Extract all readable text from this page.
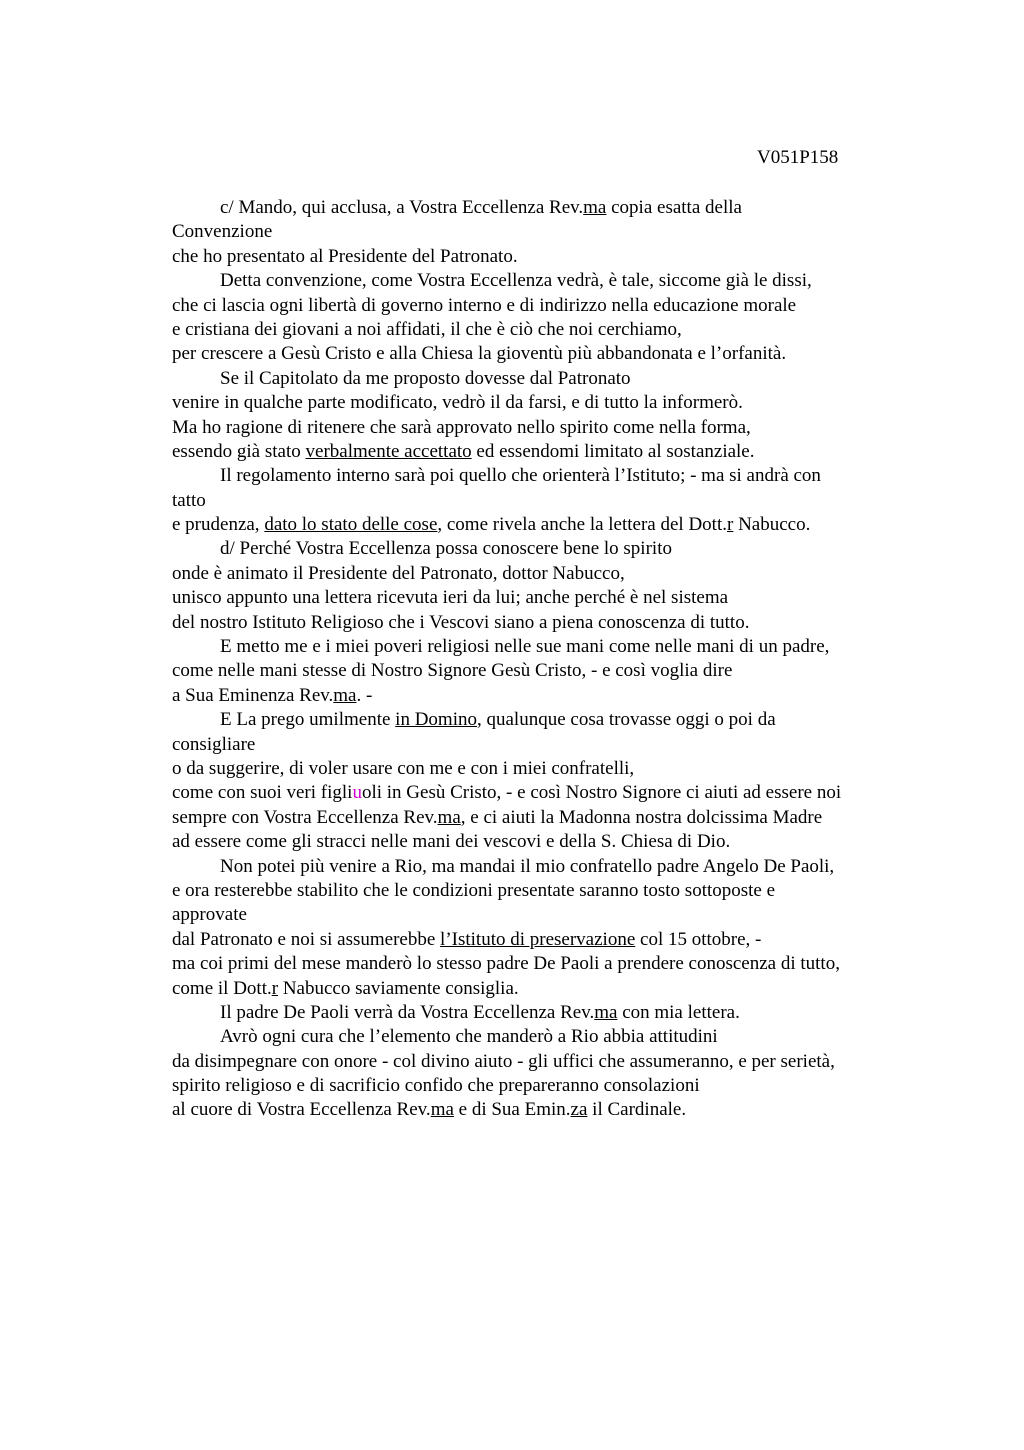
V051P158
c/ Mando, qui acclusa, a Vostra Eccellenza Rev.ma copia esatta della
Convenzione
che ho presentato al Presidente del Patronato.
Detta convenzione, come Vostra Eccellenza vedrà, è tale, siccome già le dissi,
che ci lascia ogni libertà di governo interno e di indirizzo nella educazione morale
e cristiana dei giovani a noi affidati, il che è ciò che noi cerchiamo,
per crescere a Gesù Cristo e alla Chiesa la gioventù più abbandonata e l’orfanità.
Se il Capitolato da me proposto dovesse dal Patronato
venire in qualche parte modificato, vedrò il da farsi, e di tutto la informerò.
Ma ho ragione di ritenere che sarà approvato nello spirito come nella forma,
essendo già stato verbalmente accettato ed essendomi limitato al sostanziale.
Il regolamento interno sarà poi quello che orienterà l’Istituto; - ma si andrà con
tatto
e prudenza, dato lo stato delle cose, come rivela anche la lettera del Dott.r Nabucco.
d/ Perché Vostra Eccellenza possa conoscere bene lo spirito
onde è animato il Presidente del Patronato, dottor Nabucco,
unisco appunto una lettera ricevuta ieri da lui; anche perché è nel sistema
del nostro Istituto Religioso che i Vescovi siano a piena conoscenza di tutto.
E metto me e i miei poveri religiosi nelle sue mani come nelle mani di un padre,
come nelle mani stesse di Nostro Signore Gesù Cristo, - e così voglia dire
a Sua Eminenza Rev.ma. -
E La prego umilmente in Domino, qualunque cosa trovasse oggi o poi da
consigliare
o da suggerire, di voler usare con me e con i miei confratelli,
come con suoi veri figliuoli in Gesù Cristo, - e così Nostro Signore ci aiuti ad essere noi
sempre con Vostra Eccellenza Rev.ma, e ci aiuti la Madonna nostra dolcissima Madre
ad essere come gli stracci nelle mani dei vescovi e della S. Chiesa di Dio.
Non potei più venire a Rio, ma mandai il mio confratello padre Angelo De Paoli,
e ora resterebbe stabilito che le condizioni presentate saranno tosto sottoposte e
approvate
dal Patronato e noi si assumerebbe l’Istituto di preservazione col 15 ottobre, -
ma coi primi del mese manderò lo stesso padre De Paoli a prendere conoscenza di tutto,
come il Dott.r Nabucco saviamente consiglia.
Il padre De Paoli verrà da Vostra Eccellenza Rev.ma con mia lettera.
Avrò ogni cura che l’elemento che manderò a Rio abbia attitudini
da disimpegnare con onore - col divino aiuto - gli uffici che assumeranno, e per serietà,
spirito religioso e di sacrificio confido che prepareranno consolazioni
al cuore di Vostra Eccellenza Rev.ma e di Sua Emin.za il Cardinale.
